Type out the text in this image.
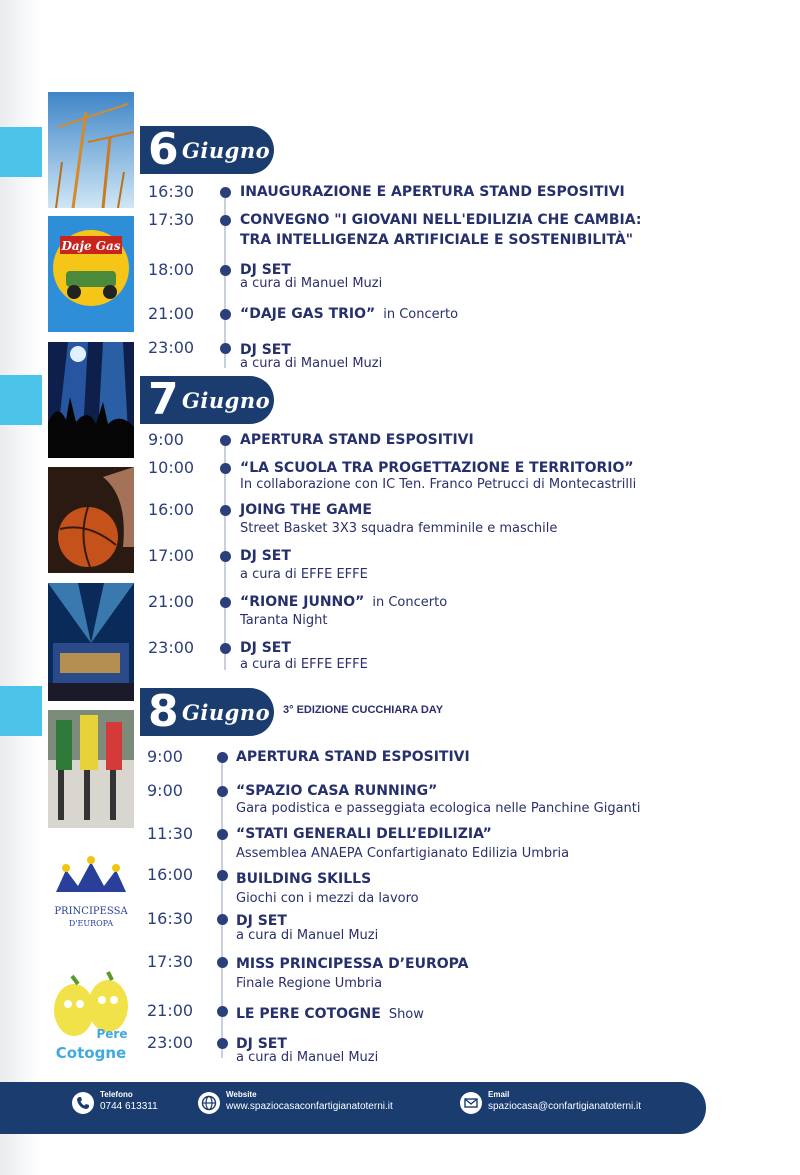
Daje Gas
PRINCIPESSA
D'EUROPA
Pere
Cotogne
6 Giugno
7 Giugno
8 Giugno 3° EDIZIONE CUCCHIARA DAY
16:30	INAUGURAZIONE E APERTURA STAND ESPOSITIVI
17:30	CONVEGNO "I GIOVANI NELL'EDILIZIA CHE CAMBIA:
TRA INTELLIGENZA ARTIFICIALE E SOSTENIBILITÀ"
18:00	DJ SET
a cura di Manuel Muzi
21:00	“DAJE GAS TRIO” in Concerto
23:00	DJ SET
a cura di Manuel Muzi
9:00	APERTURA STAND ESPOSITIVI
10:00	“LA SCUOLA TRA PROGETTAZIONE E TERRITORIO”
In collaborazione con IC Ten. Franco Petrucci di Montecastrilli
16:00	JOING THE GAME
Street Basket 3X3 squadra femminile e maschile
17:00	DJ SET
a cura di EFFE EFFE
21:00	“RIONE JUNNO” in Concerto
Taranta Night
23:00	DJ SET
a cura di EFFE EFFE
9:00	APERTURA STAND ESPOSITIVI
9:00	“SPAZIO CASA RUNNING”
Gara podistica e passeggiata ecologica nelle Panchine Giganti
11:30	“STATI GENERALI DELL’EDILIZIA”
Assemblea ANAEPA Confartigianato Edilizia Umbria
16:00	BUILDING SKILLS
Giochi con i mezzi da lavoro
16:30	DJ SET
a cura di Manuel Muzi
17:30	MISS PRINCIPESSA D’EUROPA
Finale Regione Umbria
21:00	LE PERE COTOGNE Show
23:00	DJ SET
a cura di Manuel Muzi
Telefono
0744 613311
Website
www.spaziocasaconfartigianatoterni.it
Email
spaziocasa@confartigianatoterni.it
